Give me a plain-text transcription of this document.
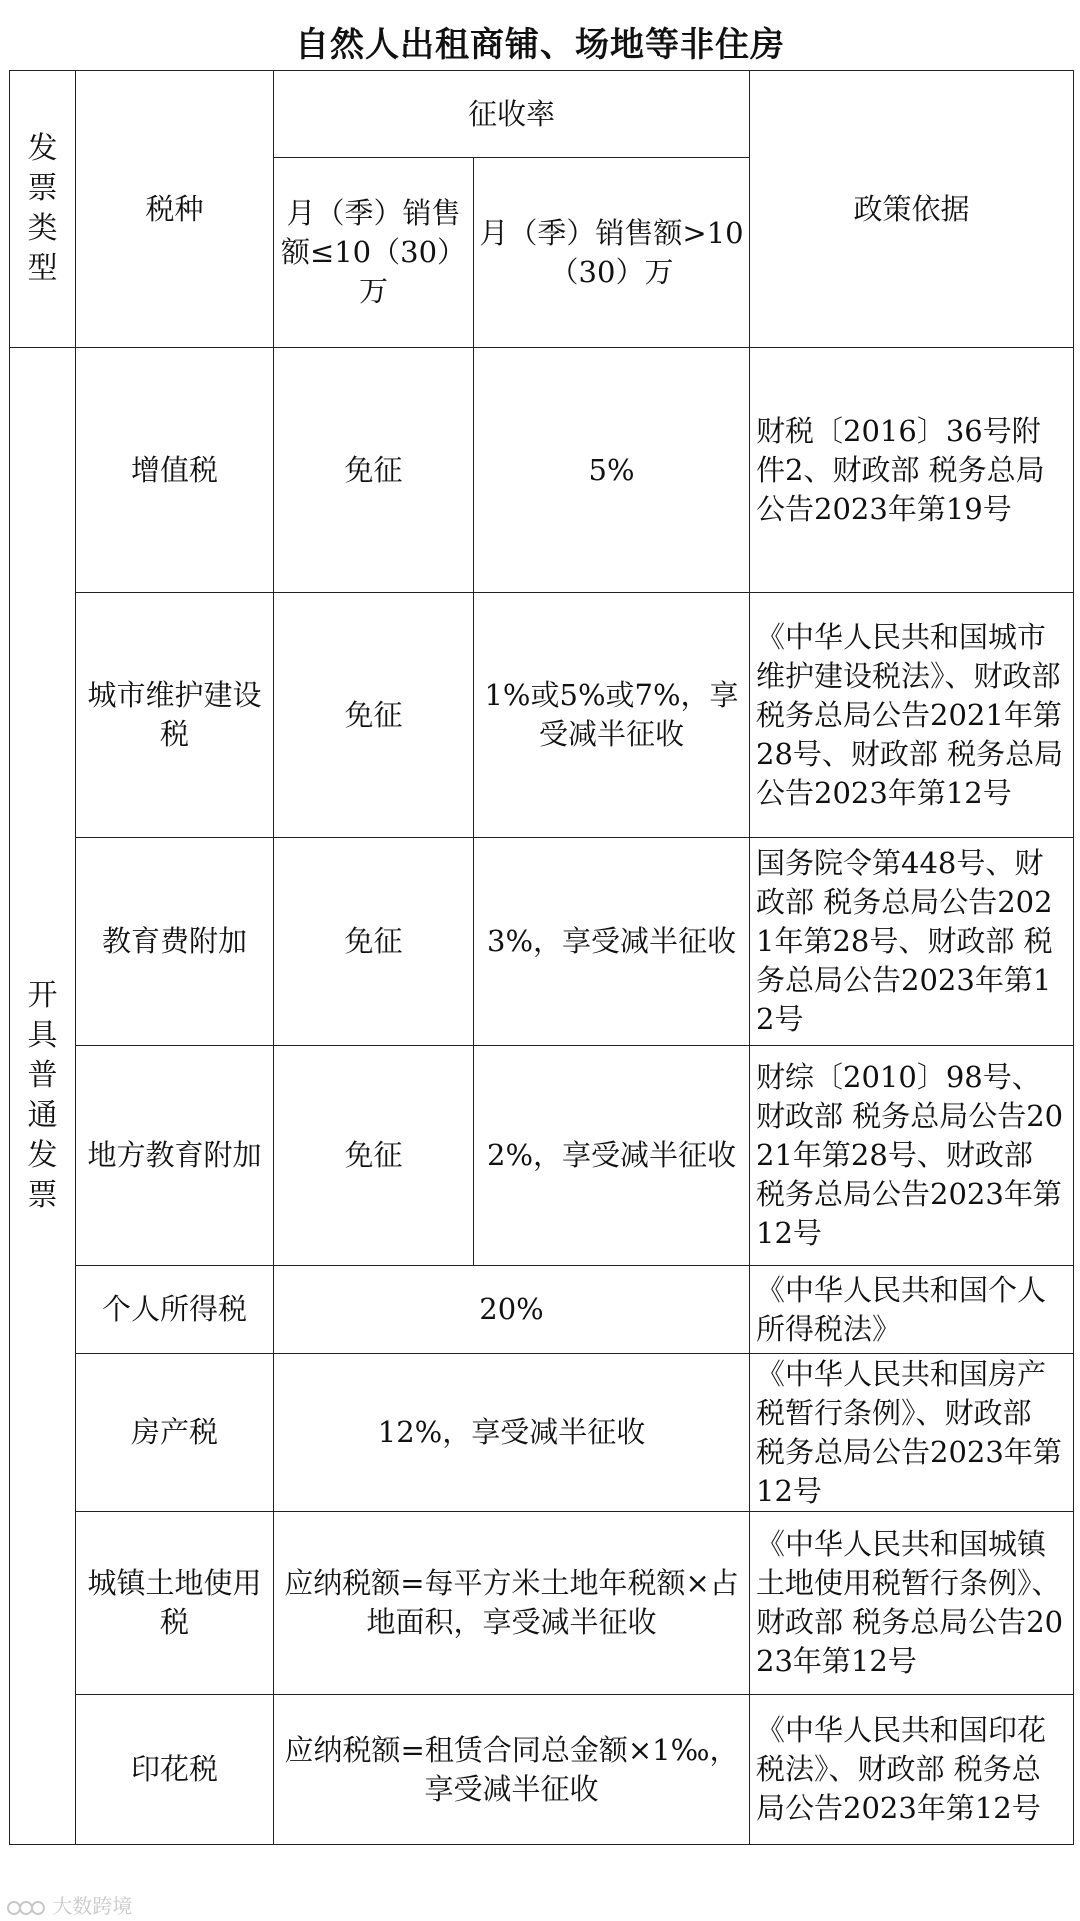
自然人出租商铺、场地等非住房
发票类型	税种	征收率		政策依据
		月（季）销售额≤10（30）万	月（季）销售额>10（30）万	
开具普通发票	增值税	免征	5%	财税〔2016〕36号附件2、财政部 税务总局公告2023年第19号
	城市维护建设税	免征	1%或5%或7%，享受减半征收	《中华人民共和国城市维护建设税法》、财政部 税务总局公告2021年第28号、财政部 税务总局公告2023年第12号
	教育费附加	免征	3%，享受减半征收	国务院令第448号、财政部 税务总局公告2021年第28号、财政部 税务总局公告2023年第12号
	地方教育附加	免征	2%，享受减半征收	财综〔2010〕98号、财政部 税务总局公告2021年第28号、财政部 税务总局公告2023年第12号
	个人所得税	20%		《中华人民共和国个人所得税法》
	房产税	12%，享受减半征收		《中华人民共和国房产税暂行条例》、财政部 税务总局公告2023年第12号
	城镇土地使用税	应纳税额=每平方米土地年税额×占地面积，享受减半征收		《中华人民共和国城镇土地使用税暂行条例》、财政部 税务总局公告2023年第12号
	印花税	应纳税额=租赁合同总金额×1‰，享受减半征收		《中华人民共和国印花税法》、财政部 税务总局公告2023年第12号
大数跨境
